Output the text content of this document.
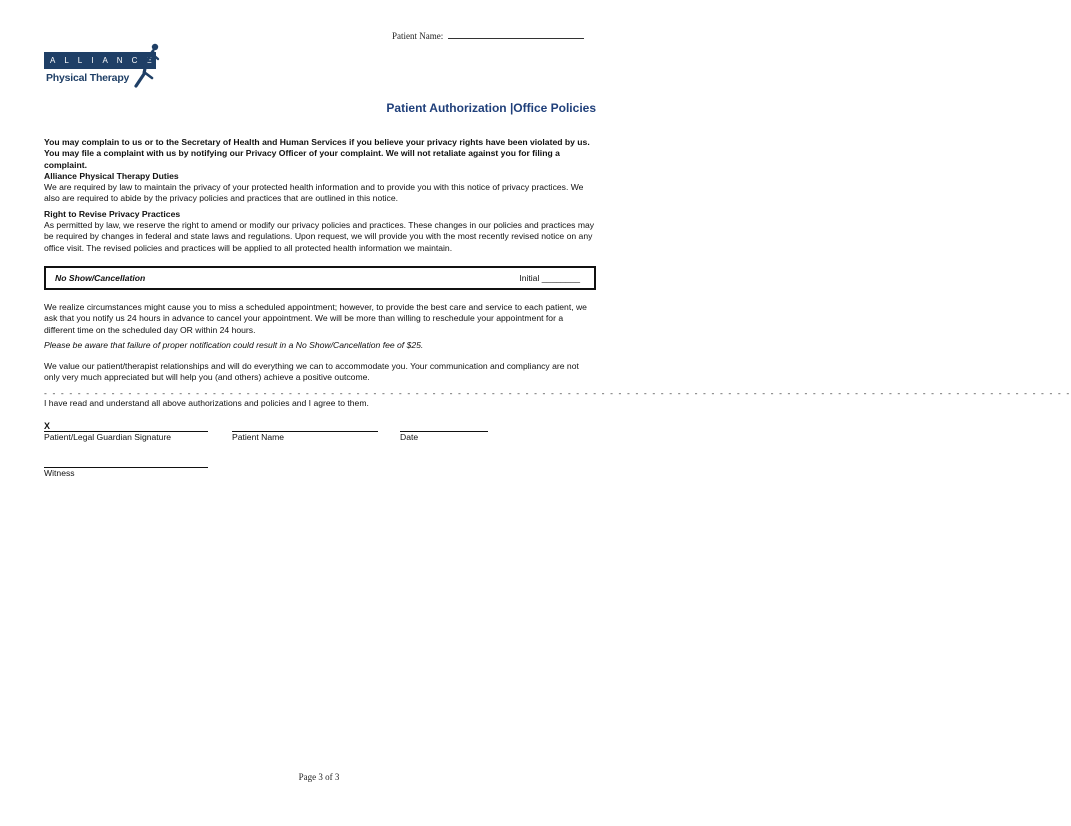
Patient Name:
ALLIANCE
Physical Therapy
Patient Authorization |Office Policies

You may complain to us or to the Secretary of Health and Human Services if you believe your privacy rights have been violated by us. You may file a complaint with us by notifying our Privacy Officer of your complaint. We will not retaliate against you for filing a complaint.

Alliance Physical Therapy Duties

We are required by law to maintain the privacy of your protected health information and to provide you with this notice of privacy practices. We also are required to abide by the privacy policies and practices that are outlined in this notice.

Right to Revise Privacy Practices

As permitted by law, we reserve the right to amend or modify our privacy policies and practices. These changes in our policies and practices may be required by changes in federal and state laws and regulations. Upon request, we will provide you with the most recently revised notice on any office visit. The revised policies and practices will be applied to all protected health information we maintain.

No Show/Cancellation	Initial ________

We realize circumstances might cause you to miss a scheduled appointment; however, to provide the best care and service to each patient, we ask that you notify us 24 hours in advance to cancel your appointment. We will be more than willing to reschedule your appointment for a different time on the scheduled day OR within 24 hours.

Please be aware that failure of proper notification could result in a No Show/Cancellation fee of $25.

We value our patient/therapist relationships and will do everything we can to accommodate you. Your communication and compliancy are not only very much appreciated but will help you (and others) achieve a positive outcome.

- - - - - - - - - - - - - - - - - - - - - - - - - - - - - - - - - - - - - - - - - - - - - - - - - - - - - - - - - - - - - - - - - - - - - - - - - - - - - - - - - - - - - - - - - - - - - - - - - - - - - - - - - - - - - - - - - - - - - - - - - -

I have read and understand all above authorizations and policies and I agree to them.

X
Patient/Legal Guardian Signature	Patient Name	Date
Witness
Page 3 of 3
